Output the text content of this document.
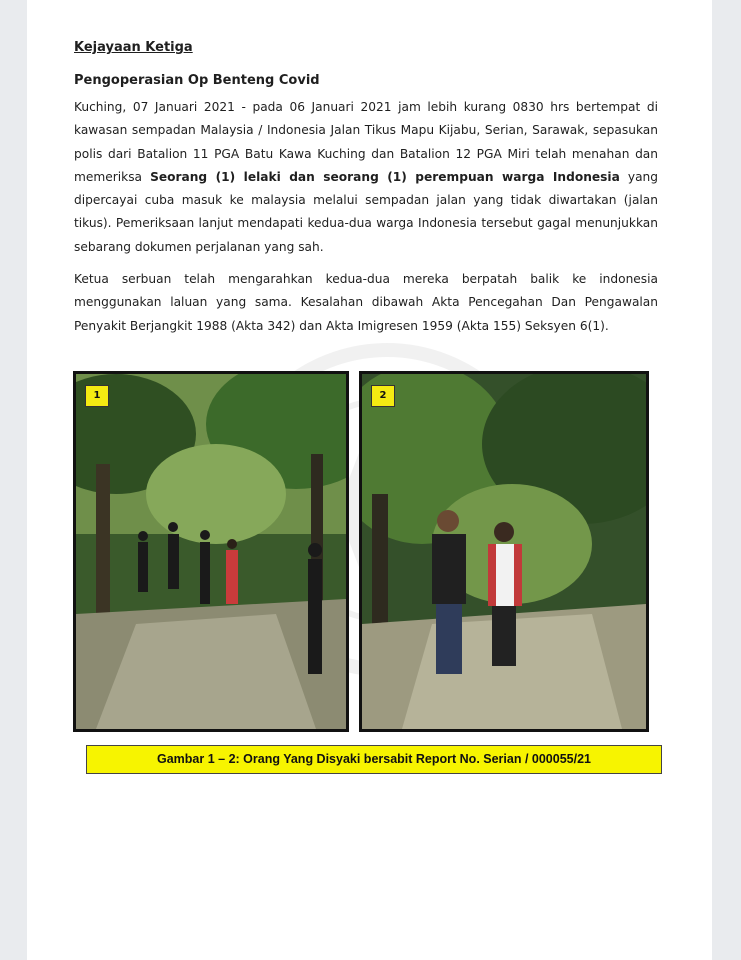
Kejayaan Ketiga
Pengoperasian Op Benteng Covid

Kuching, 07 Januari 2021 - pada 06 Januari 2021 jam lebih kurang 0830 hrs bertempat di kawasan sempadan Malaysia / Indonesia Jalan Tikus Mapu Kijabu, Serian, Sarawak, sepasukan polis dari Batalion 11 PGA Batu Kawa Kuching dan Batalion 12 PGA Miri telah menahan dan memeriksa Seorang (1) lelaki dan seorang (1) perempuan warga Indonesia yang dipercayai cuba masuk ke malaysia melalui sempadan jalan yang tidak diwartakan (jalan tikus). Pemeriksaan lanjut mendapati kedua-dua warga Indonesia tersebut gagal menunjukkan sebarang dokumen perjalanan yang sah.

Ketua serbuan telah mengarahkan kedua-dua mereka berpatah balik ke indonesia menggunakan laluan yang sama. Kesalahan dibawah Akta Pencegahan Dan Pengawalan Penyakit Berjangkit 1988 (Akta 342) dan Akta Imigresen 1959 (Akta 155) Seksyen 6(1).

1	2
Gambar 1 – 2: Orang Yang Disyaki bersabit Report No. Serian / 000055/21
